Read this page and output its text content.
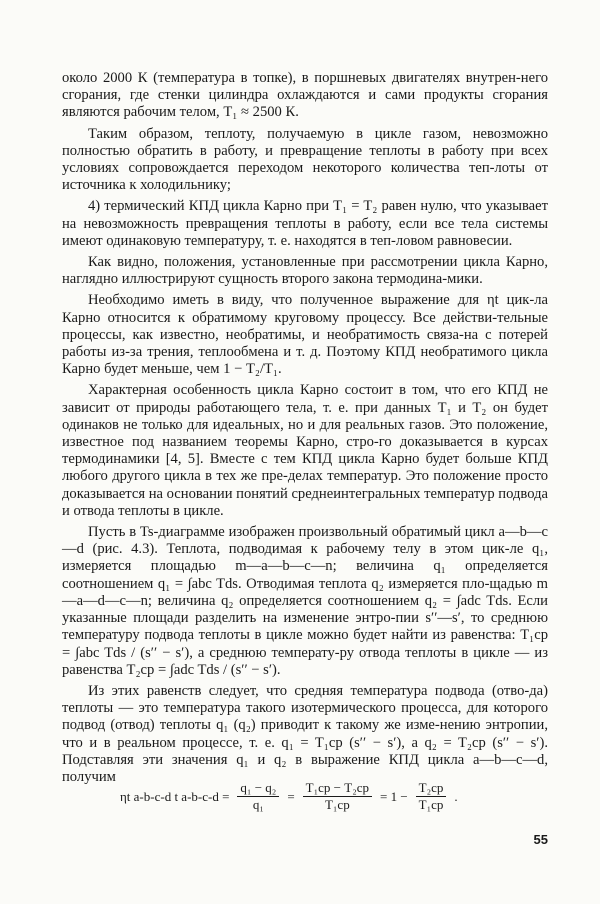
около 2000 К (температура в топке), в поршневых двигателях внутрен-него сгорания, где стенки цилиндра охлаждаются и сами продукты сгорания являются рабочим телом, T₁ ≈ 2500 К.

Таким образом, теплоту, получаемую в цикле газом, невозможно полностью обратить в работу, и превращение теплоты в работу при всех условиях сопровождается переходом некоторого количества теп-лоты от источника к холодильнику;

4) термический КПД цикла Карно при T₁ = T₂ равен нулю, что указывает на невозможность превращения теплоты в работу, если все тела системы имеют одинаковую температуру, т. е. находятся в теп-ловом равновесии.

Как видно, положения, установленные при рассмотрении цикла Карно, наглядно иллюстрируют сущность второго закона термодина-мики.

Необходимо иметь в виду, что полученное выражение для ηt цик-ла Карно относится к обратимому круговому процессу. Все действи-тельные процессы, как известно, необратимы, и необратимость связа-на с потерей работы из-за трения, теплообмена и т. д. Поэтому КПД необратимого цикла Карно будет меньше, чем 1 − T₂/T₁.

Характерная особенность цикла Карно состоит в том, что его КПД не зависит от природы работающего тела, т. е. при данных T₁ и T₂ он будет одинаков не только для идеальных, но и для реальных газов. Это положение, известное под названием теоремы Карно, стро-го доказывается в курсах термодинамики [4, 5]. Вместе с тем КПД цикла Карно будет больше КПД любого другого цикла в тех же пре-делах температур. Это положение просто доказывается на основании понятий среднеинтегральных температур подвода и отвода теплоты в цикле.

Пусть в Ts-диаграмме изображен произвольный обратимый цикл a—b—c—d (рис. 4.3). Теплота, подводимая к рабочему телу в этом цик-ле q₁, измеряется площадью m—a—b—c—n; величина q₁ определяется соотношением q₁ = ∫abc Tds. Отводимая теплота q₂ измеряется пло-щадью m—a—d—c—n; величина q₂ определяется соотношением q₂ = ∫adc Tds. Если указанные площади разделить на изменение энтро-пии s′′—s′, то среднюю температуру подвода теплоты в цикле можно будет найти из равенства: T₁ср = ∫abc Tds / (s′′ − s′), а среднюю температу-ру отвода теплоты в цикле — из равенства T₂ср = ∫adc Tds / (s′′ − s′).

Из этих равенств следует, что средняя температура подвода (отво-да) теплоты — это температура такого изотермического процесса, для которого подвод (отвод) теплоты q₁ (q₂) приводит к такому же изме-нению энтропии, что и в реальном процессе, т. е. q₁ = T₁ср (s′′ − s′), а q₂ = T₂ср (s′′ − s′). Подставляя эти значения q₁ и q₂ в выражение КПД цикла a—b—c—d, получим

ηt a-b-c-d t $a-b-c-d = \frac{\text{q₁ − q₂}}{\text{q₁}} = \frac{\text{T₁ср − T₂ср}}{\text{T₁ср}} = 1 - \frac{\text{T₂ср}}{\text{T₁ср}}$ .
55
